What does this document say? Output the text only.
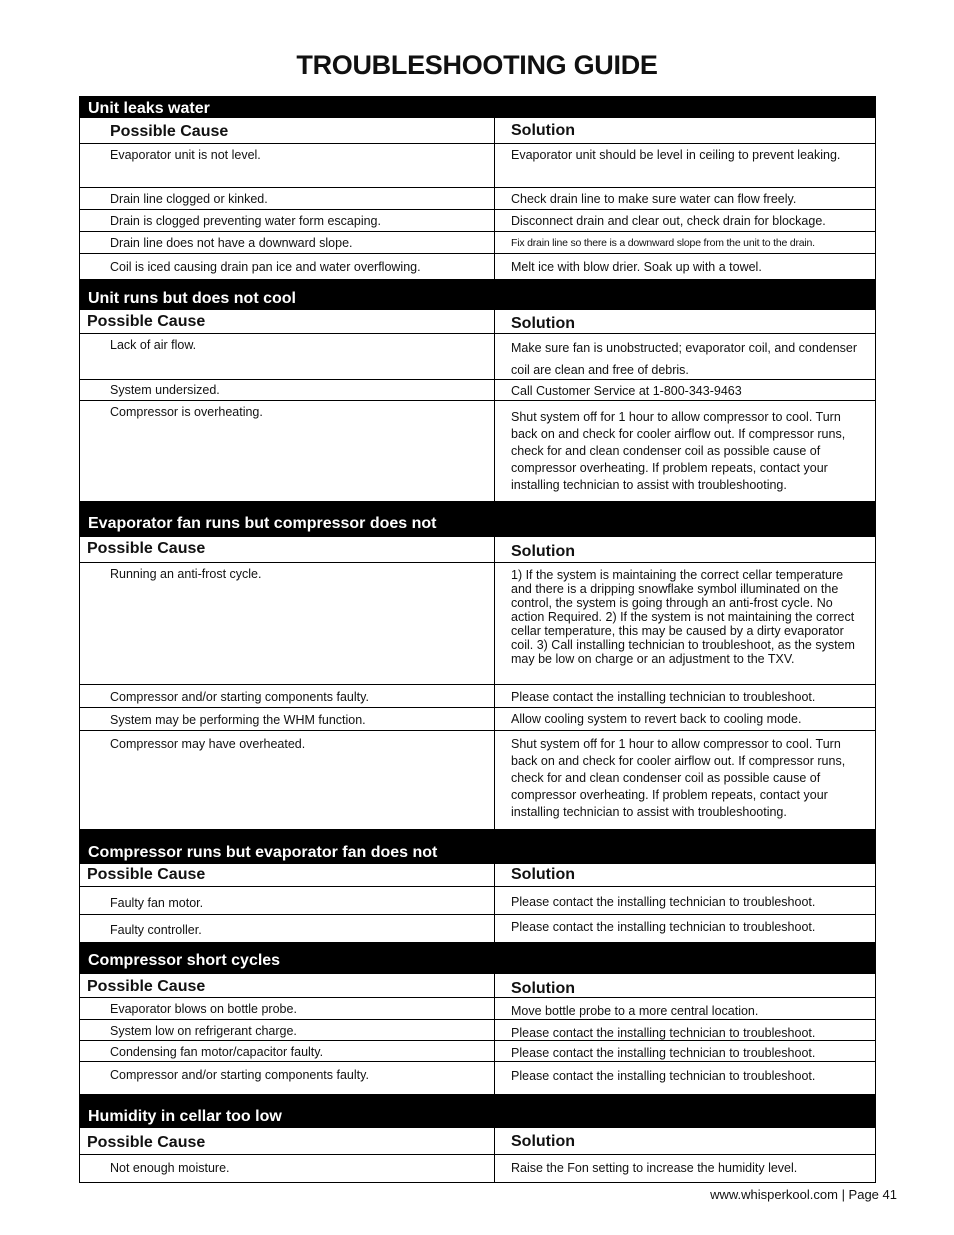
TROUBLESHOOTING GUIDE
Unit leaks water
Possible Cause	Solution
Evaporator unit is not level.	Evaporator unit should be level in ceiling to prevent leaking.
Drain line clogged or kinked.	Check drain line to make sure water can flow freely.
Drain is clogged preventing water form escaping.	Disconnect drain and clear out, check drain for blockage.
Drain line does not have a downward slope.	Fix drain line so there is a downward slope from the unit to the drain.
Coil is iced causing drain pan ice and water overflowing.	Melt ice with blow drier. Soak up with a towel.
Unit runs but does not cool
Possible Cause	Solution
Lack of air flow.	Make sure fan is unobstructed; evaporator coil, and condenser coil are clean and free of debris.
System undersized.	Call Customer Service at 1-800-343-9463
Compressor is overheating.	Shut system off for 1 hour to allow compressor to cool. Turn back on and check for cooler airflow out. If compressor runs, check for and clean condenser coil as possible cause of compressor overheating. If problem repeats, contact your installing technician to assist with troubleshooting.
Evaporator fan runs but compressor does not
Possible Cause	Solution
Running an anti-frost cycle.	1) If the system is maintaining the correct cellar temperature and there is a dripping snowflake symbol illuminated on the control, the system is going through an anti-frost cycle. No action Required. 2) If the system is not maintaining the correct cellar temperature, this may be caused by a dirty evaporator coil. 3) Call installing technician to troubleshoot, as the system may be low on charge or an adjustment to the TXV.
Compressor and/or starting components faulty.	Please contact the installing technician to troubleshoot.
System may be performing the WHM function.	Allow cooling system to revert back to cooling mode.
Compressor may have overheated.	Shut system off for 1 hour to allow compressor to cool. Turn back on and check for cooler airflow out. If compressor runs, check for and clean condenser coil as possible cause of compressor overheating. If problem repeats, contact your installing technician to assist with troubleshooting.
Compressor runs but evaporator fan does not
Possible Cause	Solution
Faulty fan motor.	Please contact the installing technician to troubleshoot.
Faulty controller.	Please contact the installing technician to troubleshoot.
Compressor short cycles
Possible Cause	Solution
Evaporator blows on bottle probe.	Move bottle probe to a more central location.
System low on refrigerant charge.	Please contact the installing technician to troubleshoot.
Condensing fan motor/capacitor faulty.	Please contact the installing technician to troubleshoot.
Compressor and/or starting components faulty.	Please contact the installing technician to troubleshoot.
Humidity in cellar too low
Possible Cause	Solution
Not enough moisture.	Raise the Fon setting to increase the humidity level.
www.whisperkool.com | Page 41
